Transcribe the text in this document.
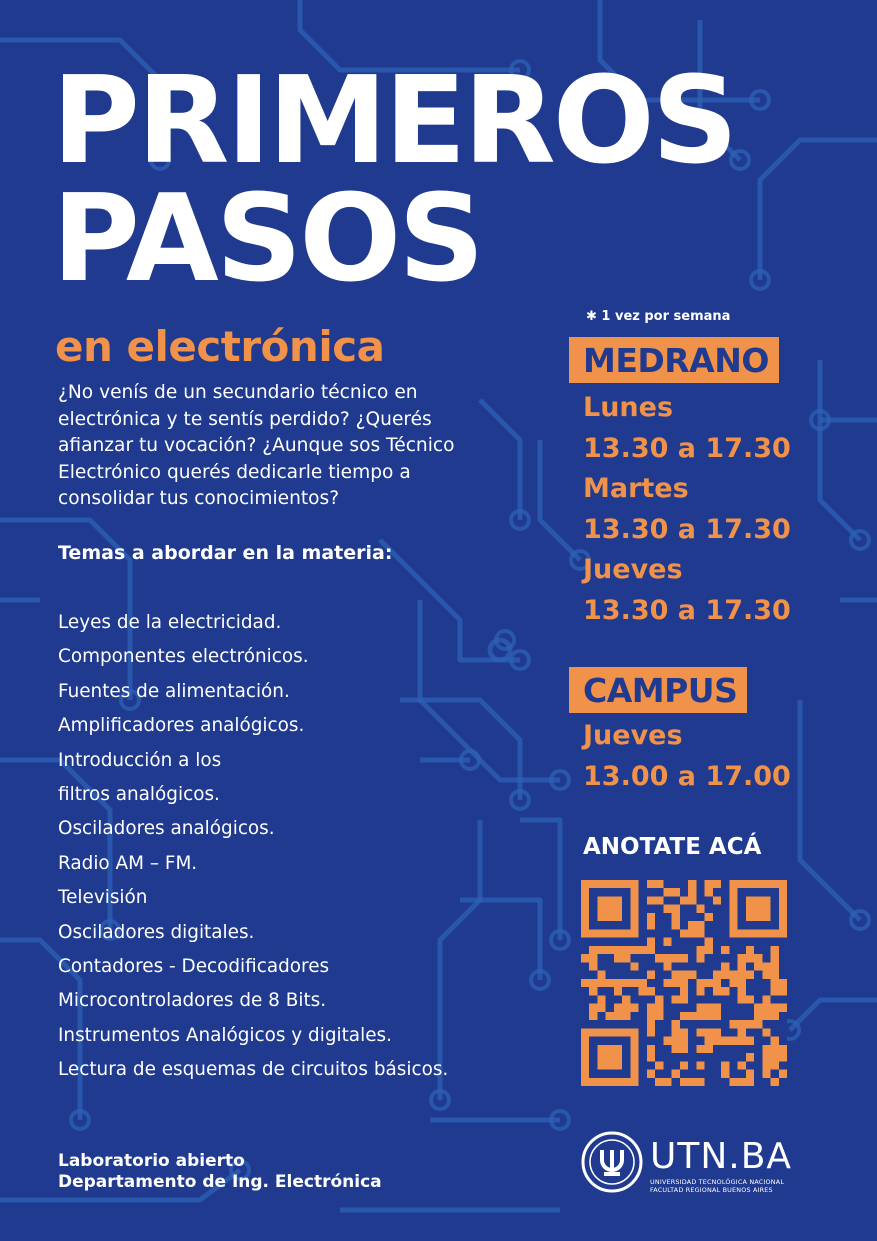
PRIMEROS
PASOS
en electrónica

¿No venís de un secundario técnico en electrónica y te sentís perdido? ¿Querés afianzar tu vocación? ¿Aunque sos Técnico Electrónico querés dedicarle tiempo a consolidar tus conocimientos?

Temas a abordar en la materia:
Leyes de la electricidad.
Componentes electrónicos.
Fuentes de alimentación.
Amplificadores analógicos.
Introducción a los
filtros analógicos.
Osciladores analógicos.
Radio AM – FM.
Televisión
Osciladores digitales.
Contadores - Decodificadores
Microcontroladores de 8 Bits.
Instrumentos Analógicos y digitales.
Lectura de esquemas de circuitos básicos.
Laboratorio abierto
Departamento de Ing. Electrónica
✱ 1 vez por semana
MEDRANO
Lunes
13.30 a 17.30
Martes
13.30 a 17.30
Jueves
13.30 a 17.30
CAMPUS
Jueves
13.00 a 17.00
ANOTATE ACÁ
UTN.BA
UNIVERSIDAD TECNOLÓGICA NACIONAL
FACULTAD REGIONAL BUENOS AIRES
